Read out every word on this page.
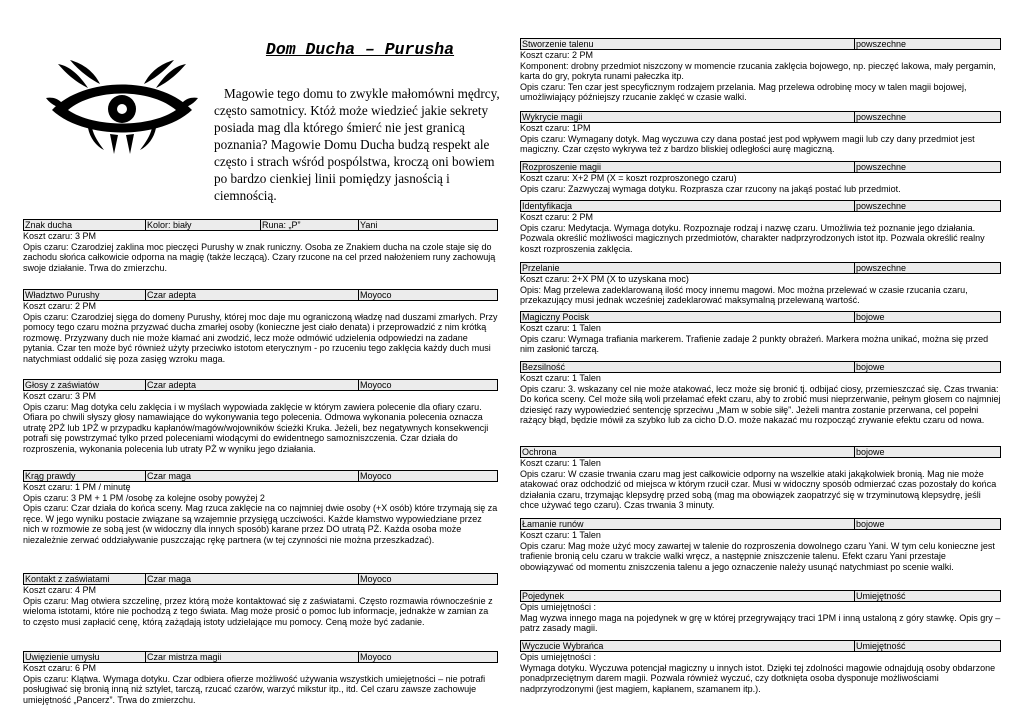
Dom Ducha – Purusha
Magowie tego domu to zwykle małomówni mędrcy, często samotnicy. Któż może wiedzieć jakie sekrety posiada mag dla którego śmierć nie jest granicą poznania? Magowie Domu Ducha budzą respekt ale często i strach wśród pospólstwa, kroczą oni bowiem po bardzo cienkiej linii pomiędzy jasnością i ciemnością.
Znak ducha	Kolor: biały	Runa: „P”	Yani
Koszt czaru: 3 PM
Opis czaru: Czarodziej zaklina moc pieczęci Purushy w znak runiczny. Osoba ze Znakiem ducha na czole staje się do zachodu słońca całkowicie odporna na magię (także leczącą). Czary rzucone na cel przed nałożeniem runy zachowują swoje działanie. Trwa do zmierzchu.
Władztwo Purushy	Czar adepta	Moyoco
Koszt czaru: 2 PM
Opis czaru: Czarodziej sięga do domeny Purushy, której moc daje mu ograniczoną władzę nad duszami zmarłych. Przy pomocy tego czaru można przyzwać ducha zmarłej osoby (konieczne jest ciało denata) i przeprowadzić z nim krótką rozmowę. Przyzwany duch nie może kłamać ani zwodzić, lecz może odmówić udzielenia odpowiedzi na zadane pytania. Czar ten może być również użyty przeciwko istotom eterycznym - po rzuceniu tego zaklęcia każdy duch musi natychmiast oddalić się poza zasięg wzroku maga.
Głosy z zaświatów	Czar adepta	Moyoco
Koszt czaru: 3 PM
Opis czaru: Mag dotyka celu zaklęcia i w myślach wypowiada zaklęcie w którym zawiera polecenie dla ofiary czaru. Ofiara po chwili słyszy głosy namawiające do wykonywania tego polecenia. Odmowa wykonania polecenia oznacza utratę 2PŻ lub 1PŻ w przypadku kapłanów/magów/wojowników ścieżki Kruka. Jeżeli, bez negatywnych konsekwencji potrafi się powstrzymać tylko przed poleceniami wiodącymi do ewidentnego samozniszczenia. Czar działa do rozproszenia, wykonania polecenia lub utraty PŻ w wyniku jego działania.
Krąg prawdy	Czar maga	Moyoco
Koszt czaru: 1 PM / minutę
Opis czaru: 3 PM + 1 PM /osobę za kolejne osoby powyżej 2
Opis czaru: Czar działa do końca sceny. Mag rzuca zaklęcie na co najmniej dwie osoby (+X osób) które trzymają się za ręce. W jego wyniku postacie związane są wzajemnie przysięgą uczciwości. Każde kłamstwo wypowiedziane przez nich w rozmowie ze sobą jest (w widoczny dla innych sposób) karane przez DO utratą PŻ. Każda osoba może niezależnie zerwać oddziaływanie puszczając rękę partnera (w tej czynności nie można przeszkadzać).
Kontakt z zaświatami	Czar maga	Moyoco
Koszt czaru: 4 PM
Opis czaru: Mag otwiera szczelinę, przez którą może kontaktować się z zaświatami. Często rozmawia równocześnie z wieloma istotami, które nie pochodzą z tego świata. Mag może prosić o pomoc lub informacje, jednakże w zamian za to często musi zapłacić cenę, którą zażądają istoty udzielające mu pomocy. Ceną może być zadanie.
Uwięzienie umysłu	Czar mistrza magii	Moyoco
Koszt czaru: 6 PM
Opis czaru: Klątwa. Wymaga dotyku. Czar odbiera ofierze możliwość używania wszystkich umiejętności – nie potrafi posługiwać się bronią inną niż sztylet, tarczą, rzucać czarów, warzyć mikstur itp., itd. Cel czaru zawsze zachowuje umiejętność „Pancerz”. Trwa do zmierzchu.
Stworzenie talenu	powszechne
Koszt czaru: 2 PM
Komponent: drobny przedmiot niszczony w momencie rzucania zaklęcia bojowego, np. pieczęć lakowa, mały pergamin, karta do gry, pokryta runami pałeczka itp.
Opis czaru: Ten czar jest specyficznym rodzajem przelania. Mag przelewa odrobinę mocy w talen magii bojowej, umożliwiający późniejszy rzucanie zaklęć w czasie walki.
Wykrycie magii	powszechne
Koszt czaru: 1PM
Opis czaru: Wymagany dotyk. Mag wyczuwa czy dana postać jest pod wpływem magii lub czy dany przedmiot jest magiczny. Czar często wykrywa też z bardzo bliskiej odległości aurę magiczną.
Rozproszenie magii	powszechne
Koszt czaru: X+2 PM (X = koszt rozproszonego czaru)
Opis czaru: Zazwyczaj wymaga dotyku. Rozprasza czar rzucony na jakąś postać lub przedmiot.
Identyfikacja	powszechne
Koszt czaru: 2 PM
Opis czaru: Medytacja. Wymaga dotyku. Rozpoznaje rodzaj i nazwę czaru. Umożliwia też poznanie jego działania. Pozwala określić możliwości magicznych przedmiotów, charakter nadprzyrodzonych istot itp. Pozwala określić realny koszt rozproszenia zaklęcia.
Przelanie	powszechne
Koszt czaru: 2+X PM (X to uzyskana moc)
Opis: Mag przelewa zadeklarowaną ilość mocy innemu magowi. Moc można przelewać w czasie rzucania czaru, przekazujący musi jednak wcześniej zadeklarować maksymalną przelewaną wartość.
Magiczny Pocisk	bojowe
Koszt czaru: 1 Talen
Opis czaru: Wymaga trafiania markerem. Trafienie zadaje 2 punkty obrażeń. Markera można unikać, można się przed nim zasłonić tarczą.
Bezsilność	bojowe
Koszt czaru: 1 Talen
Opis czaru: 3. wskazany cel nie może atakować, lecz może się bronić tj. odbijać ciosy, przemieszczać się. Czas trwania: Do końca sceny. Cel może siłą woli przełamać efekt czaru, aby to zrobić musi nieprzerwanie, pełnym głosem co najmniej dziesięć razy wypowiedzieć sentencję sprzeciwu „Mam w sobie siłę”. Jeżeli mantra zostanie przerwana, cel popełni rażący błąd, będzie mówił za szybko lub za cicho D.O. może nakazać mu rozpocząć zrywanie efektu czaru od nowa.
Ochrona	bojowe
Koszt czaru: 1 Talen
Opis czaru: W czasie trwania czaru mag jest całkowicie odporny na wszelkie ataki jakąkolwiek bronią. Mag nie może atakować oraz odchodzić od miejsca w którym rzucił czar. Musi w widoczny sposób odmierzać czas pozostały do końca działania czaru, trzymając klepsydrę przed sobą (mag ma obowiązek zaopatrzyć się w trzyminutową klepsydrę, jeśli chce używać tego czaru). Czas trwania 3 minuty.
Łamanie runów	bojowe
Koszt czaru: 1 Talen
Opis czaru: Mag może użyć mocy zawartej w talenie do rozproszenia dowolnego czaru Yani. W tym celu konieczne jest trafienie bronią celu czaru w trakcie walki wręcz, a następnie zniszczenie talenu. Efekt czaru Yani przestaje obowiązywać od momentu zniszczenia talenu a jego oznaczenie należy usunąć natychmiast po scenie walki.
Pojedynek	Umiejętność
Opis umiejętności :
Mag wyzwa innego maga na pojedynek w grę w której przegrywający traci 1PM i inną ustaloną z góry stawkę. Opis gry – patrz zasady magii.
Wyczucie Wybrańca	Umiejętność
Opis umiejętności :
Wymaga dotyku. Wyczuwa potencjał magiczny u innych istot. Dzięki tej zdolności magowie odnajdują osoby obdarzone ponadprzeciętnym darem magii. Pozwala również wyczuć, czy dotknięta osoba dysponuje możliwościami nadprzyrodzonymi (jest magiem, kapłanem, szamanem itp.).
